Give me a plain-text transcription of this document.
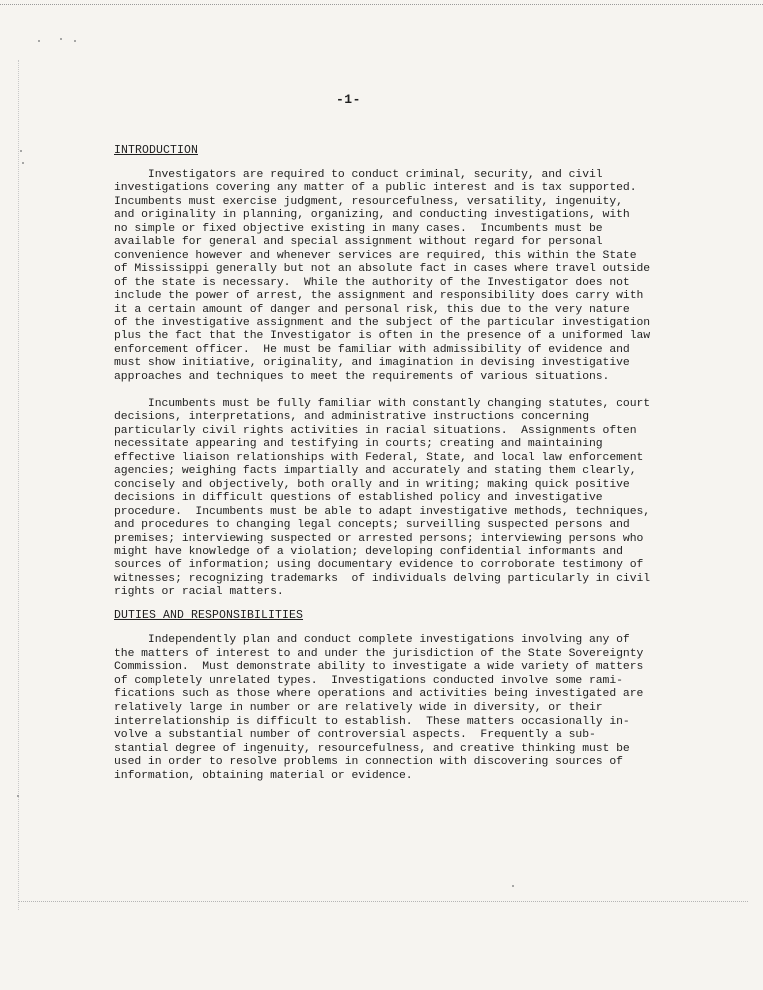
-1-
INTRODUCTION
Investigators are required to conduct criminal, security, and civil
investigations covering any matter of a public interest and is tax supported.
Incumbents must exercise judgment, resourcefulness, versatility, ingenuity,
and originality in planning, organizing, and conducting investigations, with
no simple or fixed objective existing in many cases.  Incumbents must be
available for general and special assignment without regard for personal
convenience however and whenever services are required, this within the State
of Mississippi generally but not an absolute fact in cases where travel outside
of the state is necessary.  While the authority of the Investigator does not
include the power of arrest, the assignment and responsibility does carry with
it a certain amount of danger and personal risk, this due to the very nature
of the investigative assignment and the subject of the particular investigation
plus the fact that the Investigator is often in the presence of a uniformed law
enforcement officer.  He must be familiar with admissibility of evidence and
must show initiative, originality, and imagination in devising investigative
approaches and techniques to meet the requirements of various situations.
Incumbents must be fully familiar with constantly changing statutes, court
decisions, interpretations, and administrative instructions concerning
particularly civil rights activities in racial situations.  Assignments often
necessitate appearing and testifying in courts; creating and maintaining
effective liaison relationships with Federal, State, and local law enforcement
agencies; weighing facts impartially and accurately and stating them clearly,
concisely and objectively, both orally and in writing; making quick positive
decisions in difficult questions of established policy and investigative
procedure.  Incumbents must be able to adapt investigative methods, techniques,
and procedures to changing legal concepts; surveilling suspected persons and
premises; interviewing suspected or arrested persons; interviewing persons who
might have knowledge of a violation; developing confidential informants and
sources of information; using documentary evidence to corroborate testimony of
witnesses; recognizing trademarks  of individuals delving particularly in civil
rights or racial matters.
DUTIES AND RESPONSIBILITIES
Independently plan and conduct complete investigations involving any of
the matters of interest to and under the jurisdiction of the State Sovereignty
Commission.  Must demonstrate ability to investigate a wide variety of matters
of completely unrelated types.  Investigations conducted involve some rami-
fications such as those where operations and activities being investigated are
relatively large in number or are relatively wide in diversity, or their
interrelationship is difficult to establish.  These matters occasionally in-
volve a substantial number of controversial aspects.  Frequently a sub-
stantial degree of ingenuity, resourcefulness, and creative thinking must be
used in order to resolve problems in connection with discovering sources of
information, obtaining material or evidence.
